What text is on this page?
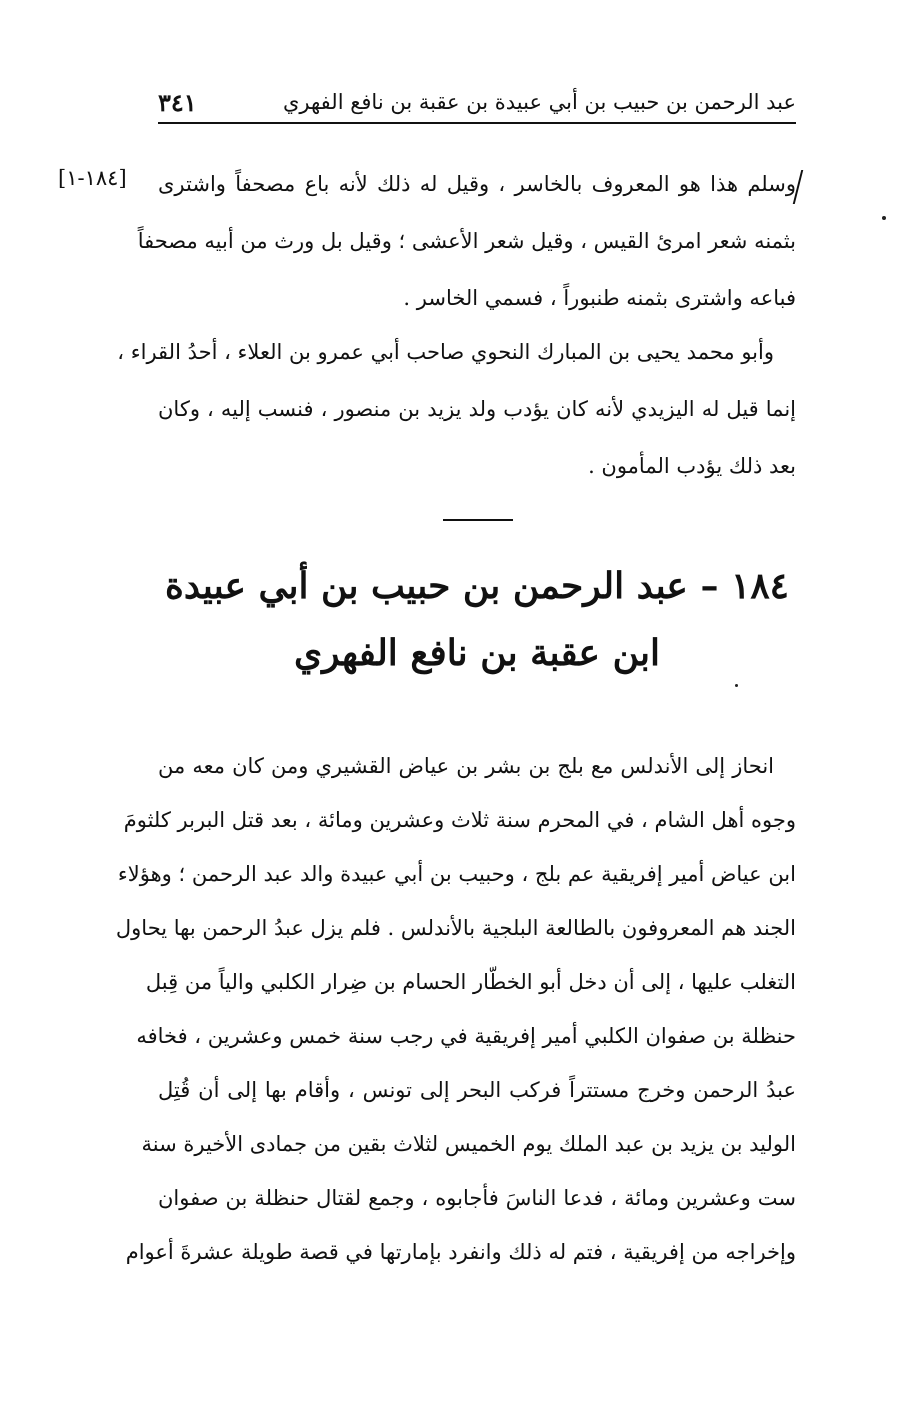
عبد الرحمن بن حبيب بن أبي عبيدة بن عقبة بن نافع الفهري
٣٤١
[١٨٤-١] وسلم هذا هو المعروف بالخاسر ، وقيل له ذلك لأنه باع مصحفاً واشترى
بثمنه شعر امرئ القيس ، وقيل شعر الأعشى ؛ وقيل بل ورث من أبيه مصحفاً
فباعه واشترى بثمنه طنبوراً ، فسمي الخاسر .
وأبو محمد يحيى بن المبارك النحوي صاحب أبي عمرو بن العلاء ، أحدُ القراء ،
إنما قيل له اليزيدي لأنه كان يؤدب ولد يزيد بن منصور ، فنسب إليه ، وكان
بعد ذلك يؤدب المأمون .
١٨٤ – عبد الرحمن بن حبيب بن أبي عبيدة
ابن عقبة بن نافع الفهري
انحاز إلى الأندلس مع بلج بن بشر بن عياض القشيري ومن كان معه من
وجوه أهل الشام ، في المحرم سنة ثلاث وعشرين ومائة ، بعد قتل البربر كلثومَ
ابن عياض أمير إفريقية عم بلج ، وحبيب بن أبي عبيدة والد عبد الرحمن ؛ وهؤلاء
الجند هم المعروفون بالطالعة البلجية بالأندلس . فلم يزل عبدُ الرحمن بها يحاول
التغلب عليها ، إلى أن دخل أبو الخطّار الحسام بن ضِرار الكلبي والياً من قِبل
حنظلة بن صفوان الكلبي أمير إفريقية في رجب سنة خمس وعشرين ، فخافه
عبدُ الرحمن وخرج مستتراً فركب البحر إلى تونس ، وأقام بها إلى أن قُتِل
الوليد بن يزيد بن عبد الملك يوم الخميس لثلاث بقين من جمادى الأخيرة سنة
ست وعشرين ومائة ، فدعا الناسَ فأجابوه ، وجمع لقتال حنظلة بن صفوان
وإخراجه من إفريقية ، فتم له ذلك وانفرد بإمارتها في قصة طويلة عشرةَ أعوام
